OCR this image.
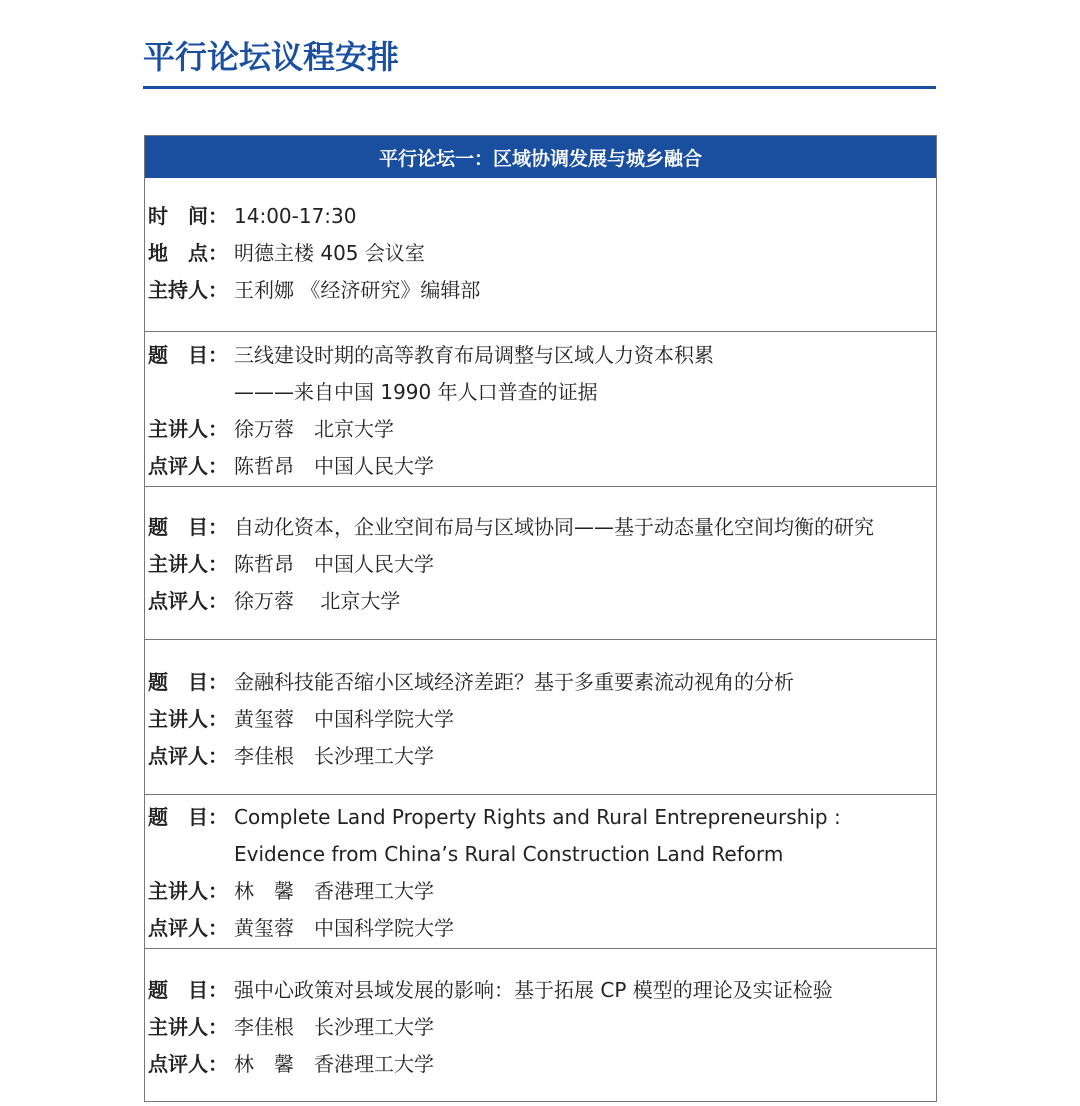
平行论坛议程安排
平行论坛一：区域协调发展与城乡融合
时　间： 14:00-17:30
地　点： 明德主楼 405 会议室
主持人： 王利娜 《经济研究》编辑部
题　目： 三线建设时期的高等教育布局调整与区域人力资本积累
———来自中国 1990 年人口普查的证据
主讲人： 徐万蓉　北京大学
点评人： 陈哲昂　中国人民大学
题　目： 自动化资本，企业空间布局与区域协同——基于动态量化空间均衡的研究
主讲人： 陈哲昂　中国人民大学
点评人： 徐万蓉　 北京大学
题　目： 金融科技能否缩小区域经济差距？基于多重要素流动视角的分析
主讲人： 黄玺蓉　中国科学院大学
点评人： 李佳根　长沙理工大学
题　目： Complete Land Property Rights and Rural Entrepreneurship :
Evidence from China’s Rural Construction Land Reform
主讲人： 林　馨　香港理工大学
点评人： 黄玺蓉　中国科学院大学
题　目： 强中心政策对县域发展的影响：基于拓展 CP 模型的理论及实证检验
主讲人： 李佳根　长沙理工大学
点评人： 林　馨　香港理工大学
